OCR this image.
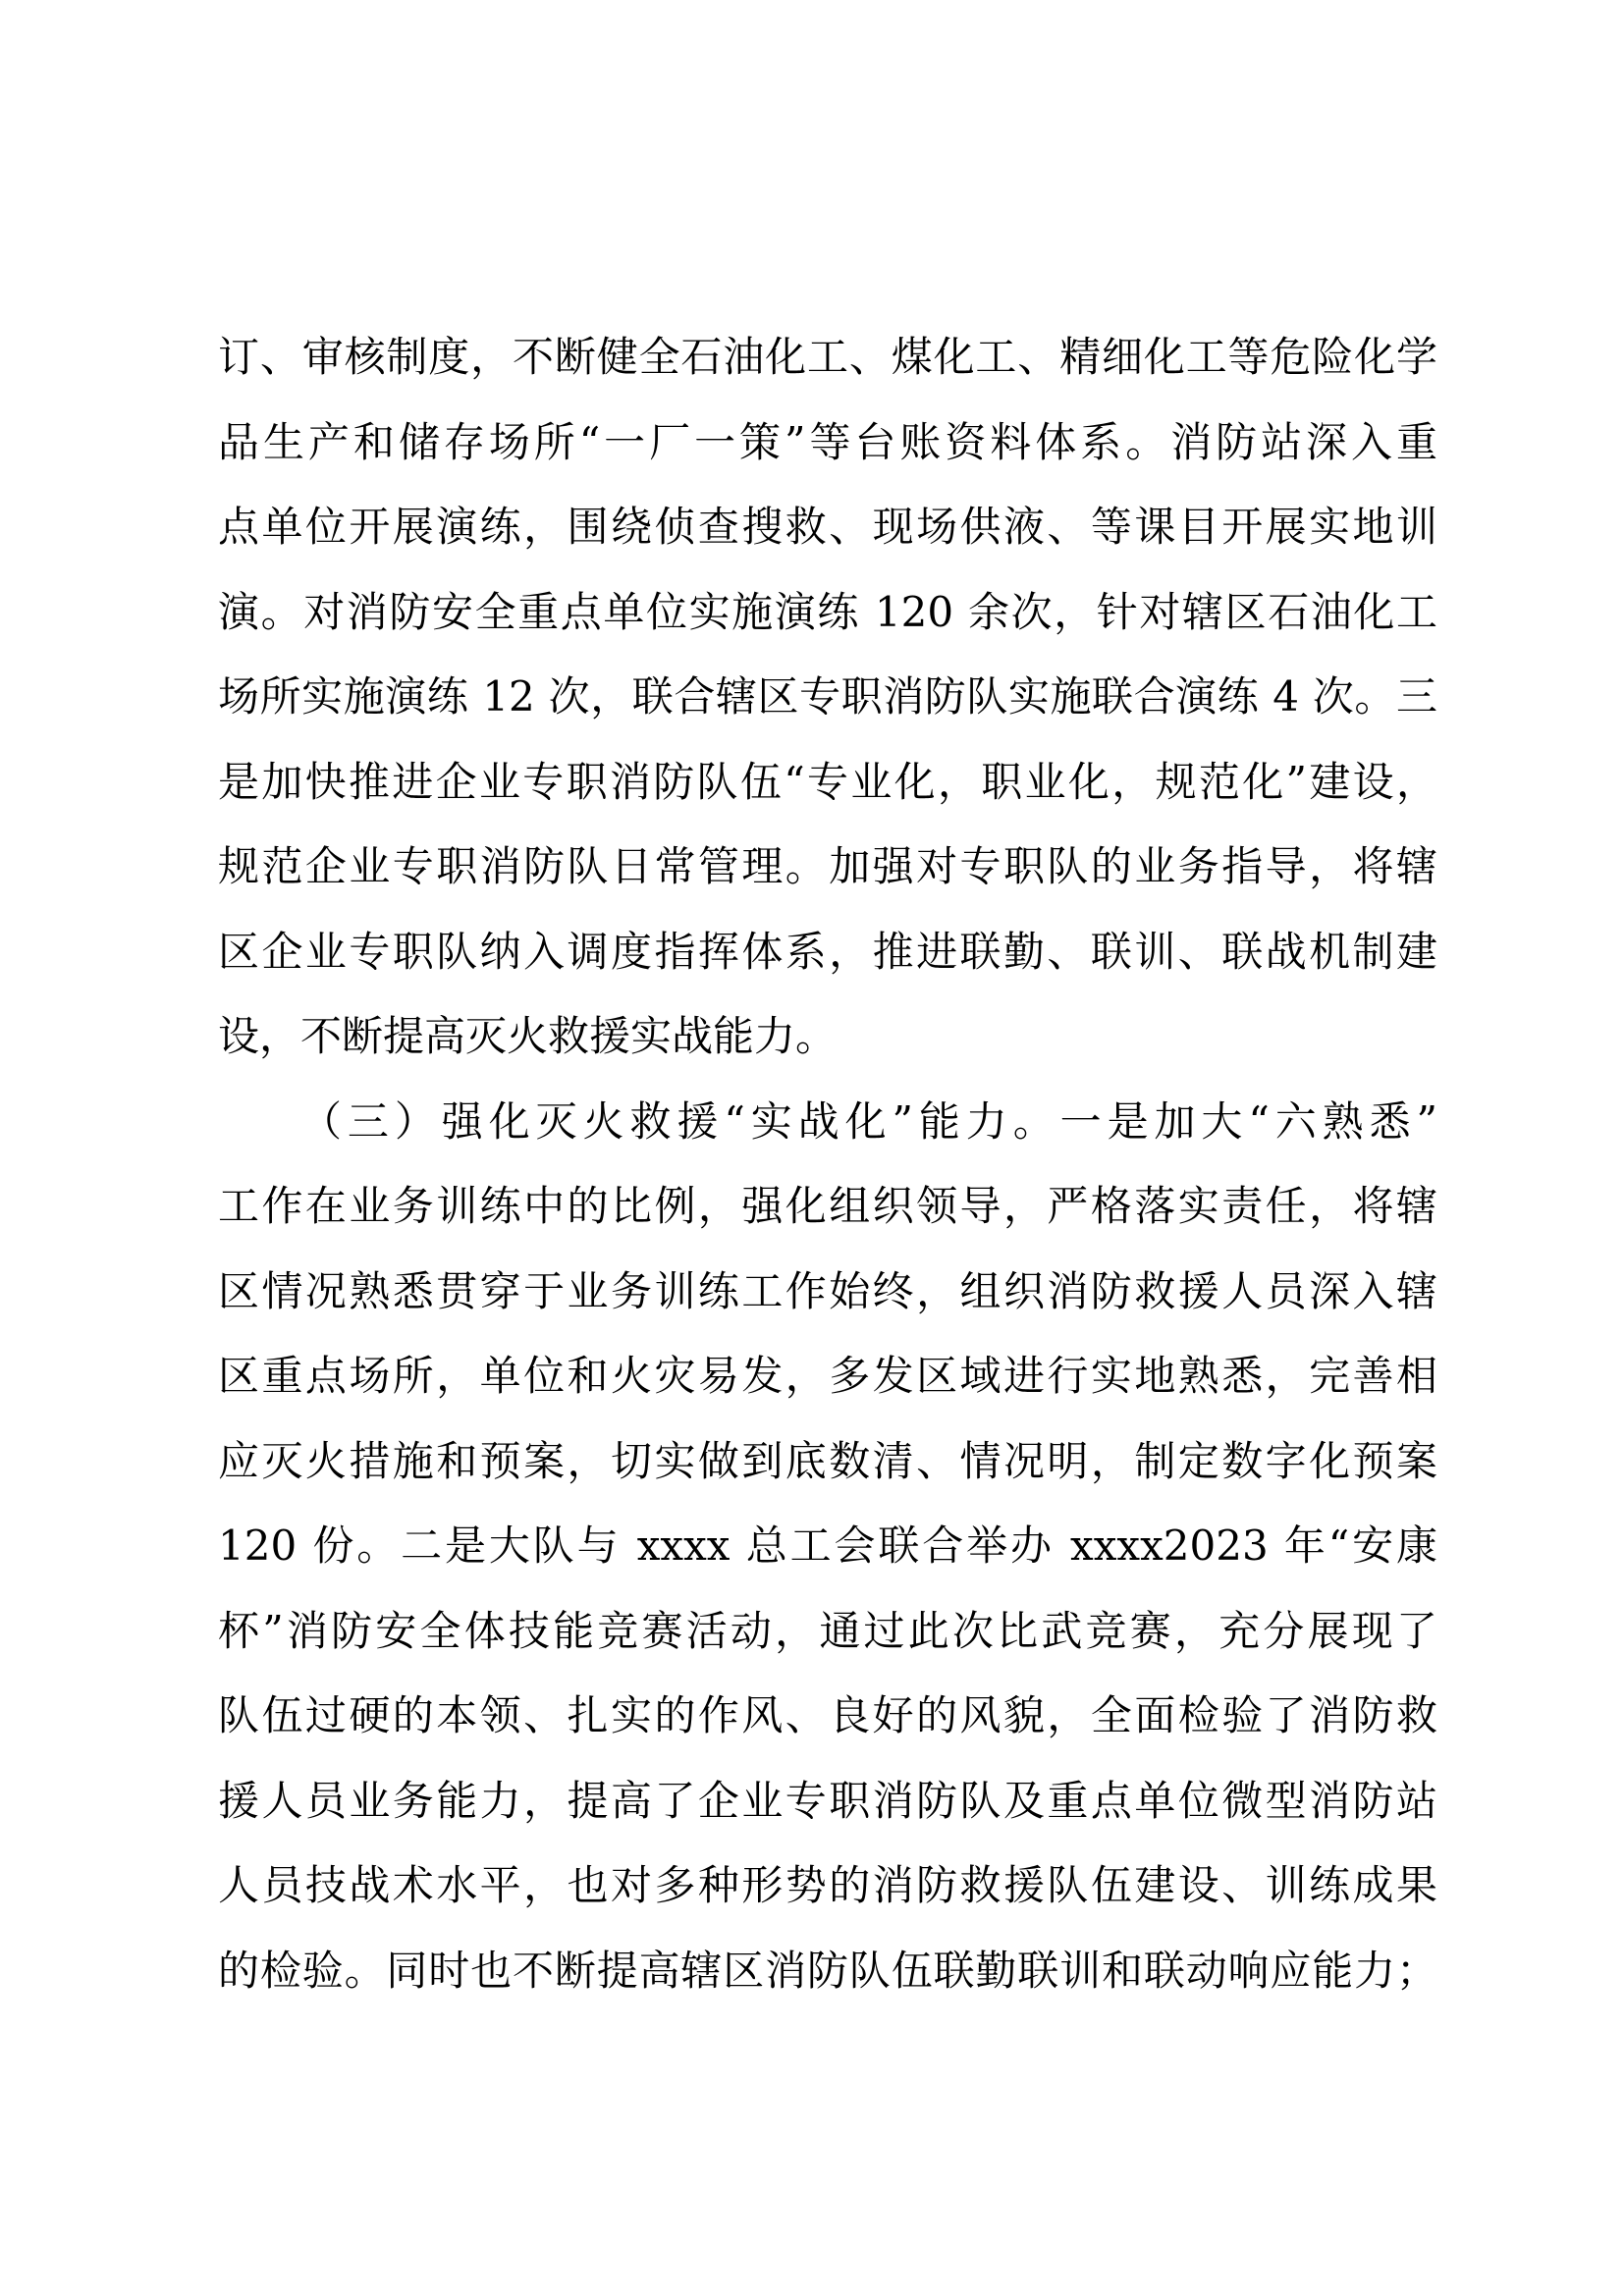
订、审核制度，不断健全石油化工、煤化工、精细化工等危险化学
品生产和储存场所“一厂一策”等台账资料体系。消防站深入重
点单位开展演练，围绕侦查搜救、现场供液、等课目开展实地训
演。对消防安全重点单位实施演练 120 余次，针对辖区石油化工
场所实施演练 12 次，联合辖区专职消防队实施联合演练 4 次。三
是加快推进企业专职消防队伍“专业化，职业化，规范化”建设，
规范企业专职消防队日常管理。加强对专职队的业务指导，将辖
区企业专职队纳入调度指挥体系，推进联勤、联训、联战机制建
设，不断提高灭火救援实战能力。
（三）强化灭火救援“实战化”能力。一是加大“六熟悉”
工作在业务训练中的比例，强化组织领导，严格落实责任，将辖
区情况熟悉贯穿于业务训练工作始终，组织消防救援人员深入辖
区重点场所，单位和火灾易发，多发区域进行实地熟悉，完善相
应灭火措施和预案，切实做到底数清、情况明，制定数字化预案
120 份。二是大队与 xxxx 总工会联合举办 xxxx2023 年“安康
杯”消防安全体技能竞赛活动，通过此次比武竞赛，充分展现了
队伍过硬的本领、扎实的作风、良好的风貌，全面检验了消防救
援人员业务能力，提高了企业专职消防队及重点单位微型消防站
人员技战术水平，也对多种形势的消防救援队伍建设、训练成果
的检验。同时也不断提高辖区消防队伍联勤联训和联动响应能力；
